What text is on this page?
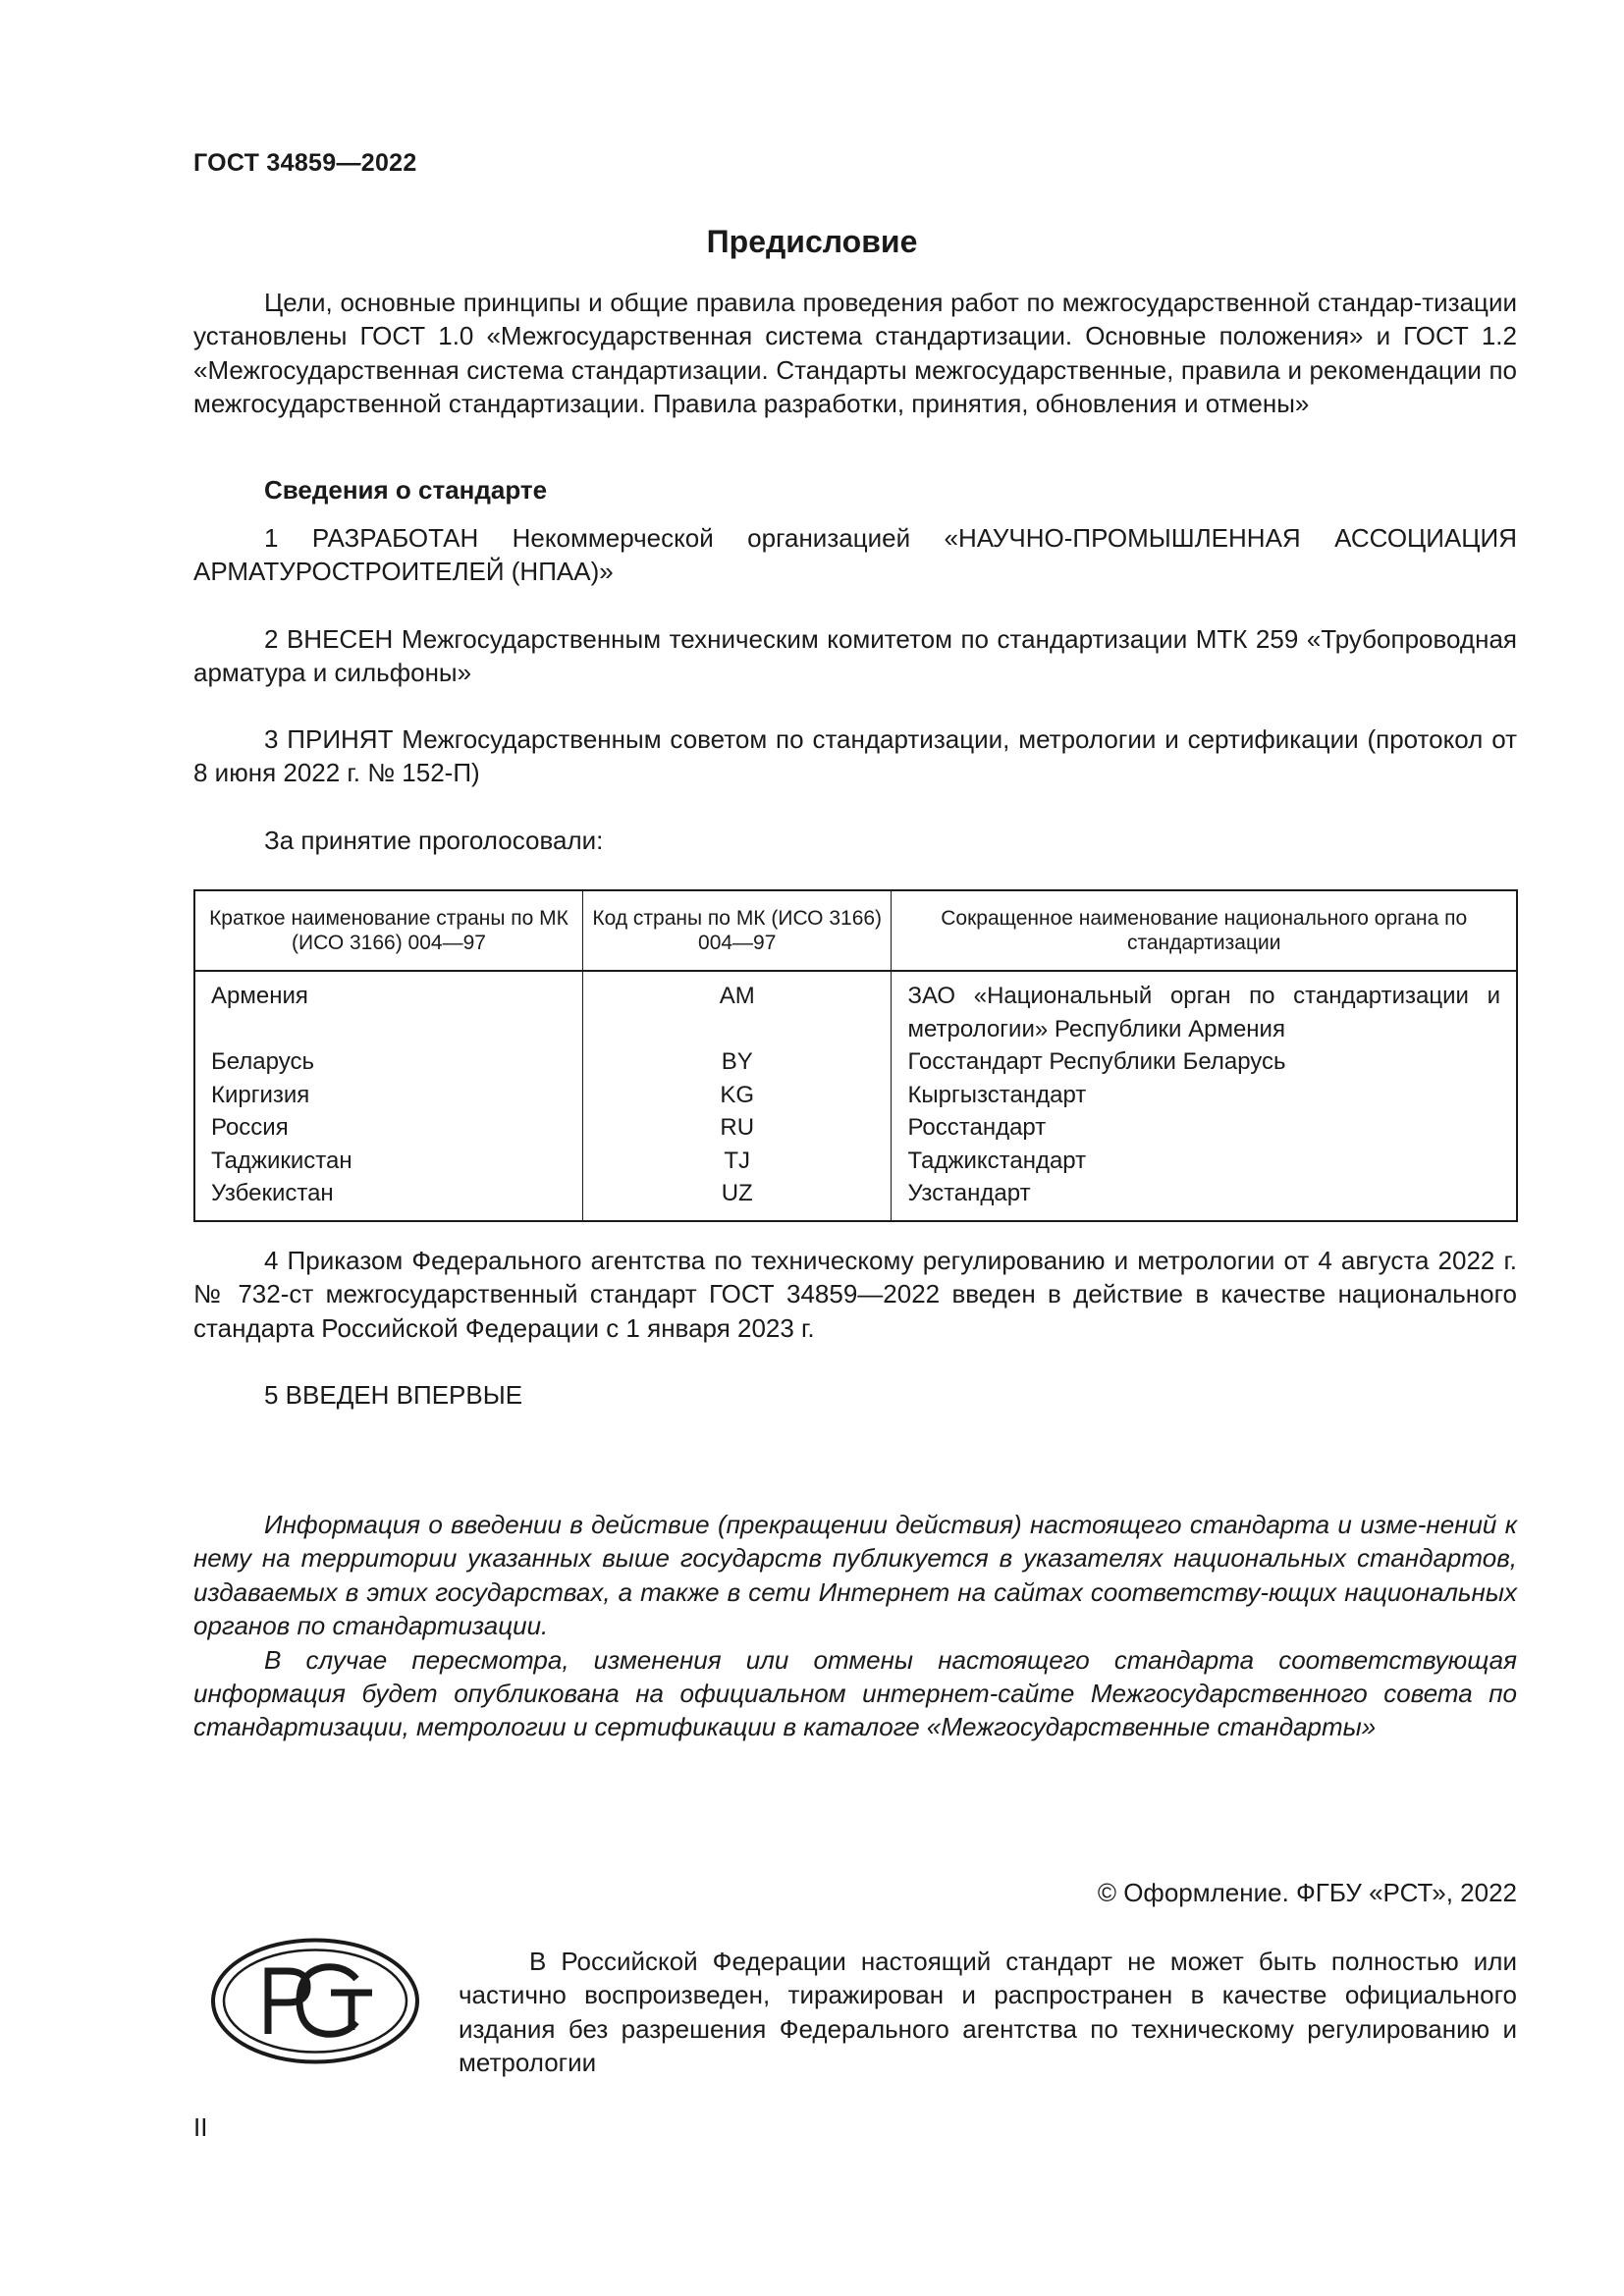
ГОСТ 34859—2022
Предисловие
Цели, основные принципы и общие правила проведения работ по межгосударственной стандар-тизации установлены ГОСТ 1.0 «Межгосударственная система стандартизации. Основные положения» и ГОСТ 1.2 «Межгосударственная система стандартизации. Стандарты межгосударственные, правила и рекомендации по межгосударственной стандартизации. Правила разработки, принятия, обновления и отмены»
Сведения о стандарте
1 РАЗРАБОТАН Некоммерческой организацией «НАУЧНО-ПРОМЫШЛЕННАЯ АССОЦИАЦИЯ АРМАТУРОСТРОИТЕЛЕЙ (НПАА)»
2 ВНЕСЕН Межгосударственным техническим комитетом по стандартизации МТК 259 «Трубопроводная арматура и сильфоны»
3 ПРИНЯТ Межгосударственным советом по стандартизации, метрологии и сертификации (протокол от 8 июня 2022 г. № 152-П)
За принятие проголосовали:
Краткое наименование страны по МК (ИСО 3166) 004—97	Код страны по МК (ИСО 3166) 004—97	Сокращенное наименование национального органа по стандартизации
Армения	AM	ЗАО «Национальный орган по стандартизации и метрологии» Республики Армения
Беларусь	BY	Госстандарт Республики Беларусь
Киргизия	KG	Кыргызстандарт
Россия	RU	Росстандарт
Таджикистан	TJ	Таджикстандарт
Узбекистан	UZ	Узстандарт
4 Приказом Федерального агентства по техническому регулированию и метрологии от 4 августа 2022 г. № 732-ст межгосударственный стандарт ГОСТ 34859—2022 введен в действие в качестве национального стандарта Российской Федерации с 1 января 2023 г.
5 ВВЕДЕН ВПЕРВЫЕ

Информация о введении в действие (прекращении действия) настоящего стандарта и изме-нений к нему на территории указанных выше государств публикуется в указателях национальных стандартов, издаваемых в этих государствах, а также в сети Интернет на сайтах соответству-ющих национальных органов по стандартизации.

В случае пересмотра, изменения или отмены настоящего стандарта соответствующая информация будет опубликована на официальном интернет-сайте Межгосударственного совета по стандартизации, метрологии и сертификации в каталоге «Межгосударственные стандарты»

© Оформление. ФГБУ «РСТ», 2022
В Российской Федерации настоящий стандарт не может быть полностью или частично воспроизведен, тиражирован и распространен в качестве официального издания без разрешения Федерального агентства по техническому регулированию и метрологии
II
